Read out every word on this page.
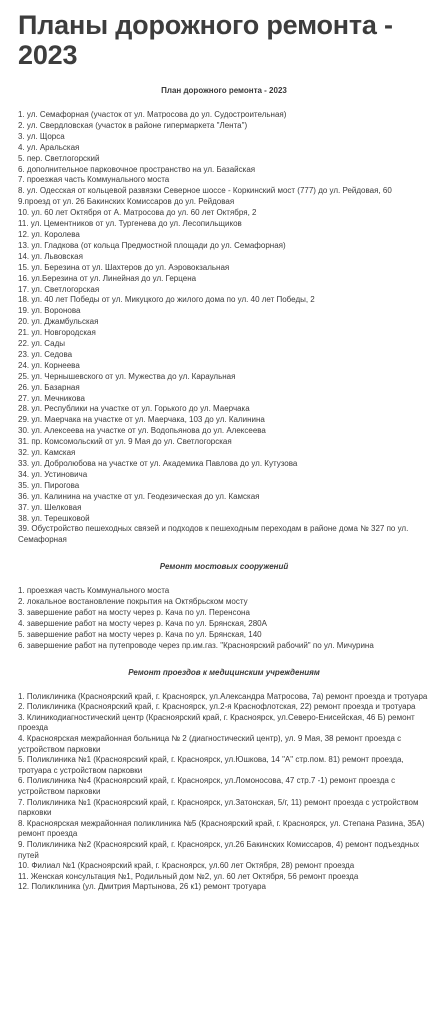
Планы дорожного ремонта - 2023
План дорожного ремонта - 2023
1. ул. Семафорная (участок от ул. Матросова до ул. Судостроительная)
2. ул. Свердловская (участок в районе гипермаркета "Лента")
3. ул. Щорса
4. ул. Аральская
5. пер. Светлогорский
6. дополнительное парковочное пространство на ул. Базайская
7. проезжая часть Коммунального моста
8. ул. Одесская от кольцевой развязки Северное шоссе - Коркинский мост (777) до ул. Рейдовая, 60
9.проезд от ул. 26 Бакинских Комиссаров до ул. Рейдовая
10. ул. 60 лет Октября от А. Матросова до ул. 60 лет Октября, 2
11. ул. Цементников от ул. Тургенева до ул. Лесопильщиков
12. ул. Королева
13. ул. Гладкова (от кольца Предмостной площади до ул. Семафорная)
14. ул. Львовская
15. ул. Березина от ул. Шахтеров до ул. Аэровокзальная
16. ул.Березина от ул. Линейная до ул. Герцена
17. ул. Светлогорская
18. ул. 40 лет Победы от ул. Микуцкого до жилого дома по ул. 40 лет Победы, 2
19. ул. Воронова
20. ул. Джамбульская
21. ул. Новгородская
22. ул. Сады
23. ул. Седова
24. ул. Корнеева
25. ул. Чернышевского от ул. Мужества до ул. Караульная
26. ул. Базарная
27. ул. Мечникова
28. ул. Республики на участке от ул. Горького до ул. Маерчака
29. ул. Маерчака на участке от ул. Маерчака, 103 до ул. Калинина
30. ул. Алексеева на участке от ул. Водопьянова до ул. Алексеева
31. пр. Комсомольский от ул. 9 Мая до ул. Светлогорская
32. ул. Камская
33. ул. Добролюбова на участке от ул. Академика Павлова до ул. Кутузова
34. ул. Устиновича
35. ул. Пирогова
36. ул. Калинина на участке от ул. Геодезическая до ул. Камская
37. ул. Шелковая
38. ул. Терешковой
39. Обустройство пешеходных связей и подходов к пешеходным переходам в районе дома № 327 по ул. Семафорная
Ремонт мостовых сооружений
1. проезжая часть Коммунального моста
2. локальное востановление покрытия на Октябрьском мосту
3. завершение работ на мосту через р. Кача по ул. Перенсона
4. завершение работ на мосту через р. Кача по ул. Брянская, 280А
5. завершение работ на мосту через р. Кача по ул. Брянская, 140
6. завершение работ на путепроводе через пр.им.газ. "Красноярский рабочий" по ул. Мичурина
Ремонт проездов к медицинским учреждениям
1. Поликлиника (Красноярский край, г. Красноярск, ул.Александра Матросова, 7а) ремонт проезда и тротуара
2. Поликлиника (Красноярский край, г. Красноярск, ул.2-я Краснофлотская, 22) ремонт проезда и тротуара
3. Клиникодиагностический центр (Красноярский край, г. Красноярск, ул.Северо-Енисейская, 46 Б) ремонт проезда
4. Красноярская межрайонная больница № 2 (диагностический центр), ул. 9 Мая, 38 ремонт проезда с устройством парковки
5. Поликлиника №1 (Красноярский край, г. Красноярск, ул.Юшкова, 14 "А" стр.пом. 81) ремонт проезда, тротуара с устройством парковки
6. Поликлиника №4 (Красноярский край, г. Красноярск, ул.Ломоносова, 47 стр.7 -1) ремонт проезда с устройством парковки
7. Поликлиника №1 (Красноярский край, г. Красноярск, ул.Затонская, 5/г, 11) ремонт проезда с устройством парковки
8. Красноярская межрайонная поликлиника №5 (Красноярский край, г. Красноярск, ул. Степана Разина, 35А) ремонт проезда
9. Поликлиника №2 (Красноярский край, г. Красноярск, ул.26 Бакинских Комиссаров, 4) ремонт подъездных путей
10. Филиал №1 (Красноярский край, г. Красноярск, ул.60 лет Октября, 28) ремонт проезда
11. Женская консультация №1, Родильный дом №2, ул. 60 лет Октября, 56 ремонт проезда
12. Поликлиника (ул. Дмитрия Мартынова, 26 к1) ремонт тротуара
